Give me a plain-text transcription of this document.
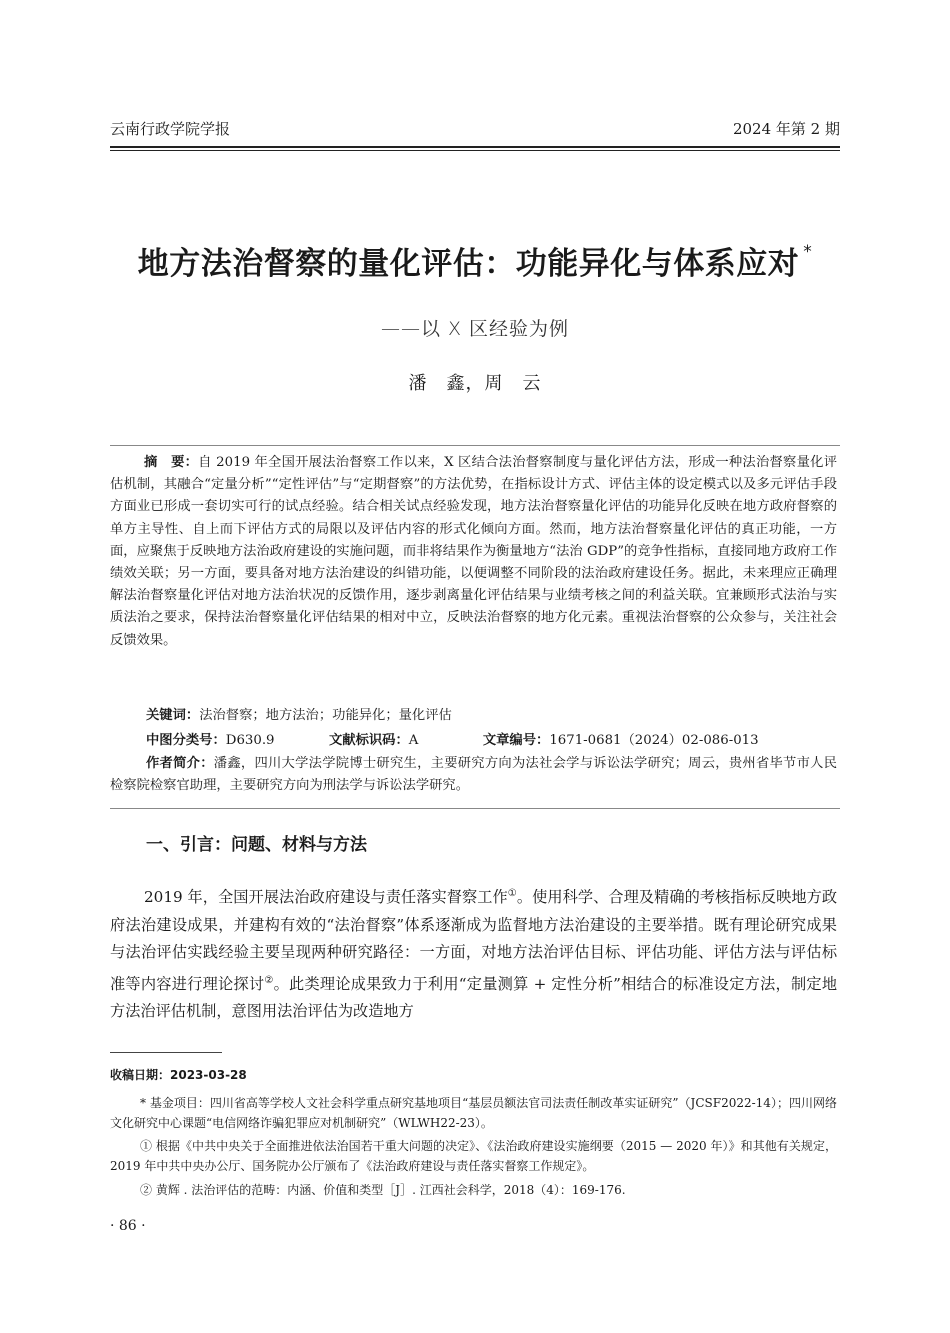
云南行政学院学报	2024 年第 2 期
地方法治督察的量化评估：功能异化与体系应对 *
——以 X 区经验为例
潘　鑫，周　云
摘　要：自 2019 年全国开展法治督察工作以来，X 区结合法治督察制度与量化评估方法，形成一种法治督察量化评估机制，其融合“定量分析”“定性评估”与“定期督察”的方法优势，在指标设计方式、评估主体的设定模式以及多元评估手段方面业已形成一套切实可行的试点经验。结合相关试点经验发现，地方法治督察量化评估的功能异化反映在地方政府督察的单方主导性、自上而下评估方式的局限以及评估内容的形式化倾向方面。然而，地方法治督察量化评估的真正功能，一方面，应聚焦于反映地方法治政府建设的实施问题，而非将结果作为衡量地方“法治 GDP”的竞争性指标，直接同地方政府工作绩效关联；另一方面，要具备对地方法治建设的纠错功能，以便调整不同阶段的法治政府建设任务。据此，未来理应正确理解法治督察量化评估对地方法治状况的反馈作用，逐步剥离量化评估结果与业绩考核之间的利益关联。宜兼顾形式法治与实质法治之要求，保持法治督察量化评估结果的相对中立，反映法治督察的地方化元素。重视法治督察的公众参与，关注社会反馈效果。
关键词：法治督察；地方法治；功能异化；量化评估
中图分类号：D630.9	文献标识码：A	文章编号：1671-0681（2024）02-086-013
作者简介：潘鑫，四川大学法学院博士研究生，主要研究方向为法社会学与诉讼法学研究；周云，贵州省毕节市人民检察院检察官助理，主要研究方向为刑法学与诉讼法学研究。
一、引言：问题、材料与方法
2019 年，全国开展法治政府建设与责任落实督察工作①。使用科学、合理及精确的考核指标反映地方政府法治建设成果，并建构有效的“法治督察”体系逐渐成为监督地方法治建设的主要举措。既有理论研究成果与法治评估实践经验主要呈现两种研究路径：一方面，对地方法治评估目标、评估功能、评估方法与评估标准等内容进行理论探讨②。此类理论成果致力于利用“定量测算 + 定性分析”相结合的标准设定方法，制定地方法治评估机制，意图用法治评估为改造地方
收稿日期：2023-03-28
* 基金项目：四川省高等学校人文社会科学重点研究基地项目“基层员额法官司法责任制改革实证研究”（JCSF2022-14）；四川网络文化研究中心课题“电信网络诈骗犯罪应对机制研究”（WLWH22-23）。
① 根据《中共中央关于全面推进依法治国若干重大问题的决定》、《法治政府建设实施纲要（2015 — 2020 年）》和其他有关规定，2019 年中共中央办公厅、国务院办公厅颁布了《法治政府建设与责任落实督察工作规定》。
② 黄辉 . 法治评估的范畴：内涵、价值和类型［J］. 江西社会科学，2018（4）：169-176.
· 86 ·
